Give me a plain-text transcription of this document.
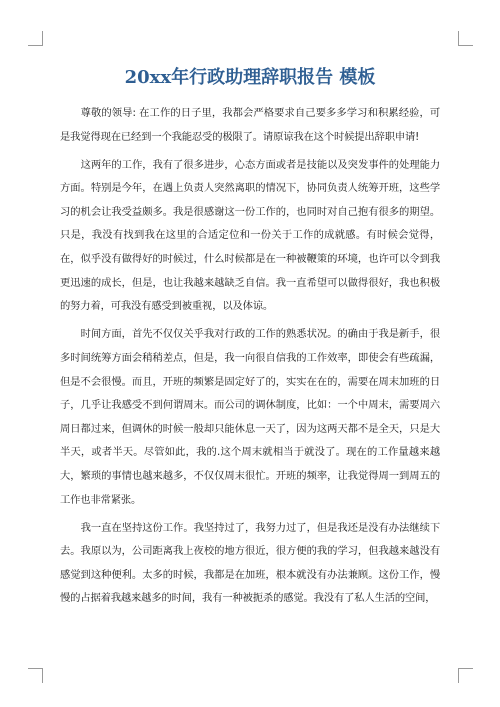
20xx年行政助理辞职报告 模板

尊敬的领导: 在工作的日子里，我都会严格要求自己要多多学习和积累经验，可是我觉得现在已经到一个我能忍受的极限了。请原谅我在这个时候提出辞职申请!

这两年的工作，我有了很多进步，心态方面或者是技能以及突发事件的处理能力方面。特别是今年，在遇上负责人突然离职的情况下，协同负责人统筹开班，这些学习的机会让我受益颇多。我是很感谢这一份工作的，也同时对自己抱有很多的期望。只是，我没有找到我在这里的合适定位和一份关于工作的成就感。有时候会觉得，在，似乎没有做得好的时候过，什么时候都是在一种被鞭策的环境，也许可以令到我更迅速的成长，但是，也让我越来越缺乏自信。我一直希望可以做得很好，我也积极的努力着，可我没有感受到被重视，以及体谅。

时间方面，首先不仅仅关乎我对行政的工作的熟悉状况。的确由于我是新手，很多时间统筹方面会稍稍差点，但是，我一向很自信我的工作效率，即使会有些疏漏，但是不会很慢。而且，开班的频繁是固定好了的，实实在在的，需要在周末加班的日子，几乎让我感受不到何谓周末。而公司的调休制度，比如：一个中周末，需要周六周日都过来，但调休的时候一般却只能休息一天了，因为这两天都不是全天，只是大半天，或者半天。尽管如此，我的.这个周末就相当于就没了。现在的工作量越来越大，繁琐的事情也越来越多，不仅仅周末很忙。开班的频率，让我觉得周一到周五的工作也非常紧张。

我一直在坚持这份工作。我坚持过了，我努力过了，但是我还是没有办法继续下去。我原以为，公司距离我上夜校的地方很近，很方便的我的学习，但我越来越没有感觉到这种便利。太多的时候，我都是在加班，根本就没有办法兼顾。这份工作，慢慢的占据着我越来越多的时间，我有一种被扼杀的感觉。我没有了私人生活的空间，
